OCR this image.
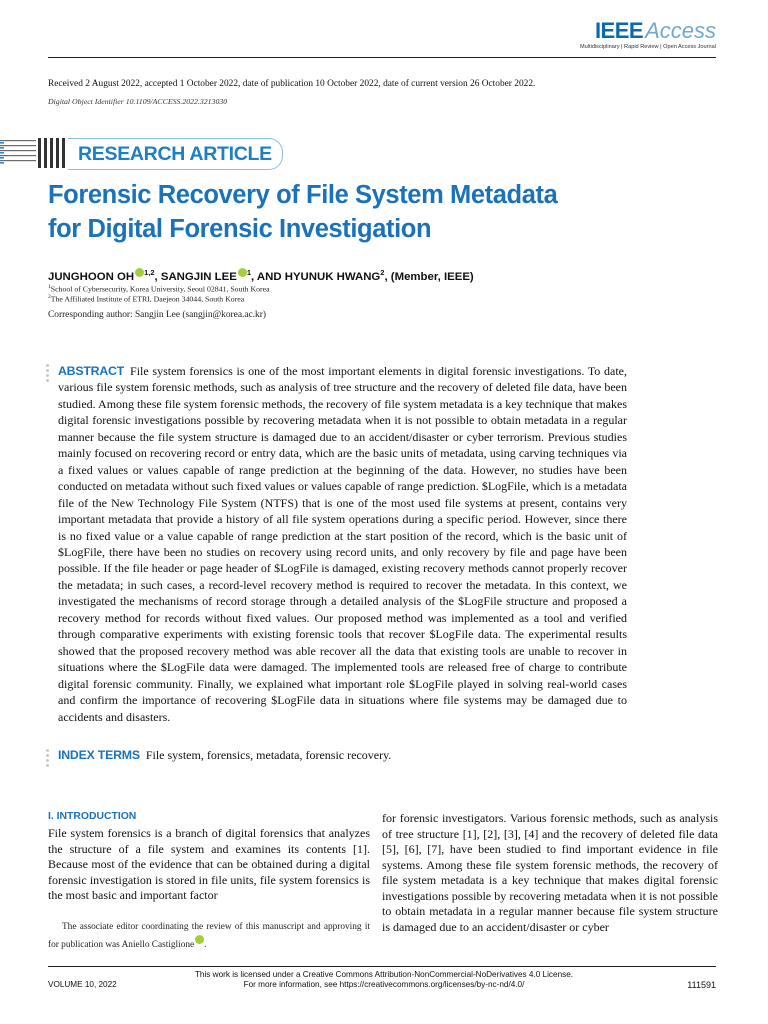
IEEEAccess
Multidisciplinary | Rapid Review | Open Access Journal
Received 2 August 2022, accepted 1 October 2022, date of publication 10 October 2022, date of current version 26 October 2022.
Digital Object Identifier 10.1109/ACCESS.2022.3213030
RESEARCH ARTICLE
Forensic Recovery of File System Metadata
for Digital Forensic Investigation
JUNGHOON OH $^{1,2}$, SANGJIN LEE $^1$, AND HYUNUK HWANG$^2$, (Member, IEEE)
$^1$School of Cybersecurity, Korea University, Seoul 02841, South Korea
$^2$The Affiliated Institute of ETRI, Daejeon 34044, South Korea
Corresponding author: Sangjin Lee (sangjin@korea.ac.kr)
ABSTRACT File system forensics is one of the most important elements in digital forensic investigations. To date, various file system forensic methods, such as analysis of tree structure and the recovery of deleted file data, have been studied. Among these file system forensic methods, the recovery of file system metadata is a key technique that makes digital forensic investigations possible by recovering metadata when it is not possible to obtain metadata in a regular manner because the file system structure is damaged due to an accident/disaster or cyber terrorism. Previous studies mainly focused on recovering record or entry data, which are the basic units of metadata, using carving techniques via a fixed values or values capable of range prediction at the beginning of the data. However, no studies have been conducted on metadata without such fixed values or values capable of range prediction. $LogFile, which is a metadata file of the New Technology File System (NTFS) that is one of the most used file systems at present, contains very important metadata that provide a history of all file system operations during a specific period. However, since there is no fixed value or a value capable of range prediction at the start position of the record, which is the basic unit of $LogFile, there have been no studies on recovery using record units, and only recovery by file and page have been possible. If the file header or page header of $LogFile is damaged, existing recovery methods cannot properly recover the metadata; in such cases, a record-level recovery method is required to recover the metadata. In this context, we investigated the mechanisms of record storage through a detailed analysis of the $LogFile structure and proposed a recovery method for records without fixed values. Our proposed method was implemented as a tool and verified through comparative experiments with existing forensic tools that recover $LogFile data. The experimental results showed that the proposed recovery method was able recover all the data that existing tools are unable to recover in situations where the $LogFile data were damaged. The implemented tools are released free of charge to contribute digital forensic community. Finally, we explained what important role $LogFile played in solving real-world cases and confirm the importance of recovering $LogFile data in situations where file systems may be damaged due to accidents and disasters.
INDEX TERMS File system, forensics, metadata, forensic recovery.
I. INTRODUCTION
File system forensics is a branch of digital forensics that analyzes the structure of a file system and examines its contents [1]. Because most of the evidence that can be obtained during a digital forensic investigation is stored in file units, file system forensics is the most basic and important factor
The associate editor coordinating the review of this manuscript and approving it for publication was Aniello Castiglione .
for forensic investigators. Various forensic methods, such as analysis of tree structure [1], [2], [3], [4] and the recovery of deleted file data [5], [6], [7], have been studied to find important evidence in file systems. Among these file system forensic methods, the recovery of file system metadata is a key technique that makes digital forensic investigations possible by recovering metadata when it is not possible to obtain metadata in a regular manner because file system structure is damaged due to an accident/disaster or cyber
VOLUME 10, 2022
This work is licensed under a Creative Commons Attribution-NonCommercial-NoDerivatives 4.0 License.
For more information, see https://creativecommons.org/licenses/by-nc-nd/4.0/	111591
